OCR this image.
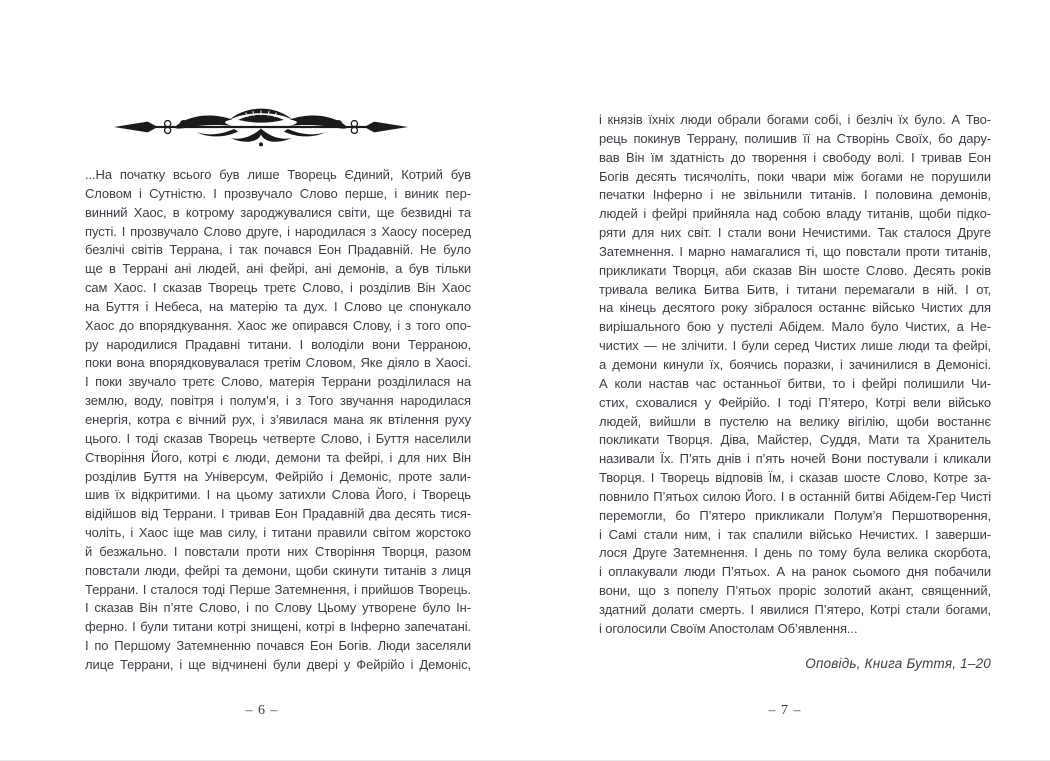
...На початку всього був лише Творець Єдиний, Котрий був
Словом і Сутністю. І прозвучало Слово перше, і виник пер-
винний Хаос, в котрому зароджувалися світи, ще безвидні та
пусті. І прозвучало Слово друге, і народилася з Хаосу посеред
безлічі світів Террана, і так почався Еон Прадавній. Не було
ще в Террані ані людей, ані фейрі, ані демонів, а був тільки
сам Хаос. І сказав Творець третє Слово, і розділив Він Хаос
на Буття і Небеса, на матерію та дух. І Слово це спонукало
Хаос до впорядкування. Хаос же опирався Слову, і з того опо-
ру народилися Прадавні титани. І володіли вони Терраною,
поки вона впорядковувалася третім Словом, Яке діяло в Хаосі.
І поки звучало третє Слово, матерія Террани розділилася на
землю, воду, повітря і полум’я, і з Того звучання народилася
енергія, котра є вічний рух, і з’явилася мана як втілення руху
цього. І тоді сказав Творець четверте Слово, і Буття населили
Створіння Його, котрі є люди, демони та фейрі, і для них Він
розділив Буття на Універсум, Фейрійо і Демоніс, проте зали-
шив їх відкритими. І на цьому затихли Слова Його, і Творець
відійшов від Террани. І тривав Еон Прадавній два десять тися-
чоліть, і Хаос іще мав силу, і титани правили світом жорстоко
й безжально. І повстали проти них Створіння Творця, разом
повстали люди, фейрі та демони, щоби скинути титанів з лиця
Террани. І сталося тоді Перше Затемнення, і прийшов Творець.
І сказав Він п’яте Слово, і по Слову Цьому утворене було Ін-
ферно. І були титани котрі знищені, котрі в Інферно запечатані.
І по Першому Затемненню почався Еон Богів. Люди заселяли
лице Террани, і ще відчинені були двері у Фейрійо і Демоніс,
– 6 –
і князів їхніх люди обрали богами собі, і безліч їх було. А Тво-
рець покинув Террану, полишив її на Створінь Своїх, бо дару-
вав Він їм здатність до творення і свободу волі. І тривав Еон
Богів десять тисячоліть, поки чвари між богами не порушили
печатки Інферно і не звільнили титанів. І половина демонів,
людей і фейрі прийняла над собою владу титанів, щоби підко-
ряти для них світ. І стали вони Нечистими. Так сталося Друге
Затемнення. І марно намагалися ті, що повстали проти титанів,
прикликати Творця, аби сказав Він шосте Слово. Десять років
тривала велика Битва Битв, і титани перемагали в ній. І от,
на кінець десятого року зібралося останнє військо Чистих для
вирішального бою у пустелі Абідем. Мало було Чистих, а Не-
чистих — не злічити. І були серед Чистих лише люди та фейрі,
а демони кинули їх, боячись поразки, і зачинилися в Демонісі.
А коли настав час останньої битви, то і фейрі полишили Чи-
стих, сховалися у Фейрійо. І тоді П’ятеро, Котрі вели військо
людей, вийшли в пустелю на велику вігілію, щоби востаннє
покликати Творця. Діва, Майстер, Суддя, Мати та Хранитель
називали Їх. П’ять днів і п’ять ночей Вони постували і кликали
Творця. І Творець відповів Їм, і сказав шосте Слово, Котре за-
повнило П’ятьох силою Його. І в останній битві Абідем-Гер Чисті
перемогли, бо П’ятеро прикликали Полум’я Першотворення,
і Самі стали ним, і так спалили військо Нечистих. І заверши-
лося Друге Затемнення. І день по тому була велика скорбота,
і оплакували люди П’ятьох. А на ранок сьомого дня побачили
вони, що з попелу П’ятьох проріс золотий акант, священний,
здатний долати смерть. І явилися П’ятеро, Котрі стали богами,
і оголосили Своїм Апостолам Об’явлення...
Оповідь, Книга Буття, 1–20
– 7 –
